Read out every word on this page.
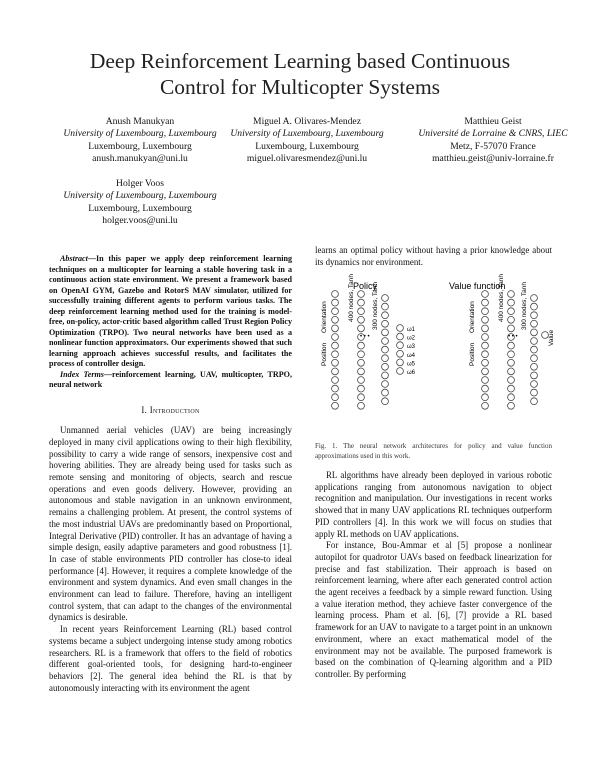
Deep Reinforcement Learning based Continuous
Control for Multicopter Systems
Anush Manukyan
University of Luxembourg, Luxembourg
Luxembourg, Luxembourg
anush.manukyan@uni.lu
Miguel A. Olivares-Mendez
University of Luxembourg, Luxembourg
Luxembourg, Luxembourg
miguel.olivaresmendez@uni.lu
Matthieu Geist
Université de Lorraine & CNRS, LIEC
Metz, F-57070 France
matthieu.geist@univ-lorraine.fr
Holger Voos
University of Luxembourg, Luxembourg
Luxembourg, Luxembourg
holger.voos@uni.lu

Abstract—In this paper we apply deep reinforcement learning techniques on a multicopter for learning a stable hovering task in a continuous action state environment. We present a framework based on OpenAI GYM, Gazebo and RotorS MAV simulator, utilized for successfully training different agents to perform various tasks. The deep reinforcement learning method used for the training is model-free, on-policy, actor-critic based algorithm called Trust Region Policy Optimization (TRPO). Two neural networks have been used as a nonlinear function approximators. Our experiments showed that such learning approach achieves successful results, and facilitates the process of controller design.

Index Terms—reinforcement learning, UAV, multicopter, TRPO, neural network

I. Introduction

Unmanned aerial vehicles (UAV) are being increasingly deployed in many civil applications owing to their high flexibility, possibility to carry a wide range of sensors, inexpensive cost and hovering abilities. They are already being used for tasks such as remote sensing and monitoring of objects, search and rescue operations and even goods delivery. However, providing an autonomous and stable navigation in an unknown environment, remains a challenging problem. At present, the control systems of the most industrial UAVs are predominantly based on Proportional, Integral Derivative (PID) controller. It has an advantage of having a simple design, easily adaptive parameters and good robustness [1]. In case of stable environments PID controller has close-to ideal performance [4]. However, it requires a complete knowledge of the environment and system dynamics. And even small changes in the environment can lead to failure. Therefore, having an intelligent control system, that can adapt to the changes of the environmental dynamics is desirable.

In recent years Reinforcement Learning (RL) based control systems became a subject undergoing intense study among robotics researchers. RL is a framework that offers to the field of robotics different goal-oriented tools, for designing hard-to-engineer behaviors [2]. The general idea behind the RL is that by autonomously interacting with its environment the agent

learns an optimal policy without having a prior knowledge about its dynamics nor environment.

Policy	Value function
Position
Orientation	400 nodes, Tanh	300 nodes, Tanh
• • •
Position
Orientation	400 nodes, Tanh 300 nodes, Tanh
• • •	Value
ω1
ω2
ω3
ω4
ω5
ω6
Fig. 1. The neural network architectures for policy and value function approximations used in this work.

RL algorithms have already been deployed in various robotic applications ranging from autonomous navigation to object recognition and manipulation. Our investigations in recent works showed that in many UAV applications RL techniques outperform PID controllers [4]. In this work we will focus on studies that apply RL methods on UAV applications.

For instance, Bou-Ammar et al [5] propose a nonlinear autopilot for quadrotor UAVs based on feedback linearization for precise and fast stabilization. Their approach is based on reinforcement learning, where after each generated control action the agent receives a feedback by a simple reward function. Using a value iteration method, they achieve faster convergence of the learning process. Pham et al. [6], [7] provide a RL based framework for an UAV to navigate to a target point in an unknown environment, where an exact mathematical model of the environment may not be available. The purposed framework is based on the combination of Q-learning algorithm and a PID controller. By performing
